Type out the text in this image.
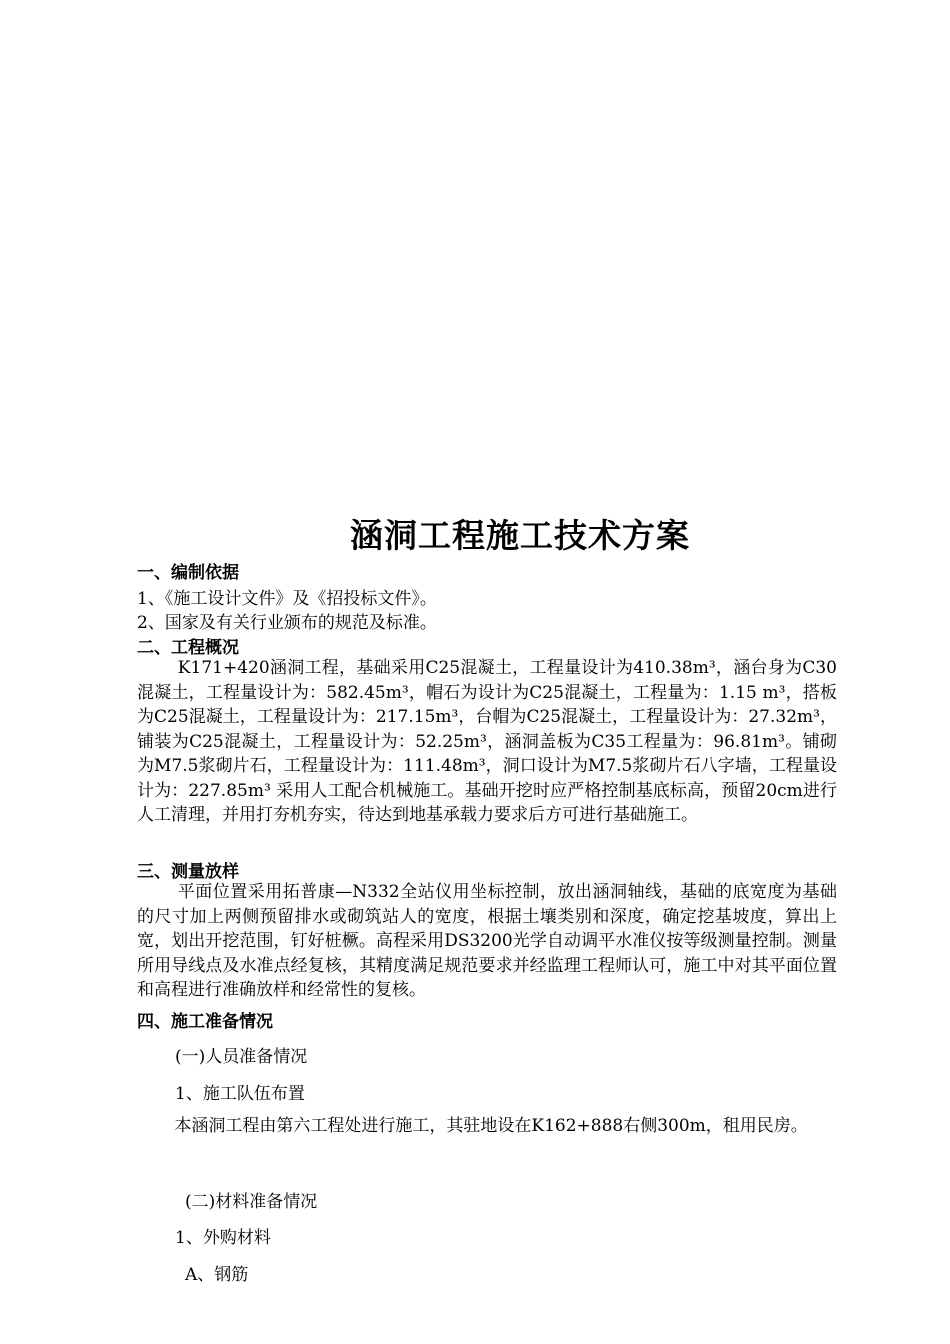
涵洞工程施工技术方案
一、编制依据
1、《施工设计文件》及《招投标文件》。
2、国家及有关行业颁布的规范及标准。
二、工程概况
K171+420涵洞工程，基础采用C25混凝土，工程量设计为410.38m³，涵台身为C30混凝土，工程量设计为：582.45m³，帽石为设计为C25混凝土，工程量为：1.15 m³，搭板为C25混凝土，工程量设计为：217.15m³，台帽为C25混凝土，工程量设计为：27.32m³，铺装为C25混凝土，工程量设计为：52.25m³，涵洞盖板为C35工程量为：96.81m³。铺砌为M7.5浆砌片石，工程量设计为：111.48m³，洞口设计为M7.5浆砌片石八字墙，工程量设计为：227.85m³ 采用人工配合机械施工。基础开挖时应严格控制基底标高，预留20cm进行人工清理，并用打夯机夯实，待达到地基承载力要求后方可进行基础施工。
三、测量放样
平面位置采用拓普康—N332全站仪用坐标控制，放出涵洞轴线，基础的底宽度为基础的尺寸加上两侧预留排水或砌筑站人的宽度，根据土壤类别和深度，确定挖基坡度，算出上宽，划出开挖范围，钉好桩橛。高程采用DS3200光学自动调平水准仪按等级测量控制。测量所用导线点及水准点经复核，其精度满足规范要求并经监理工程师认可，施工中对其平面位置和高程进行准确放样和经常性的复核。
四、施工准备情况
(一)人员准备情况
1、施工队伍布置
本涵洞工程由第六工程处进行施工，其驻地设在K162+888右侧300m，租用民房。
(二)材料准备情况
1、外购材料
A、钢筋
